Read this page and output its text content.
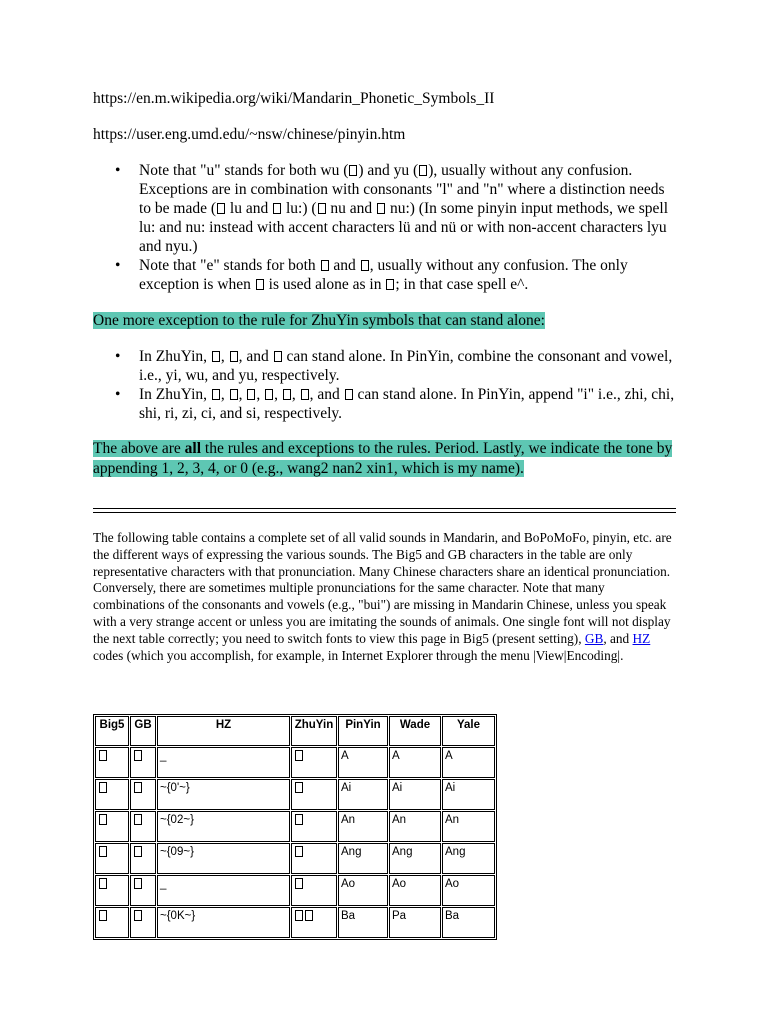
https://en.m.wikipedia.org/wiki/Mandarin_Phonetic_Symbols_II
https://user.eng.umd.edu/~nsw/chinese/pinyin.htm
• Note that "u" stands for both wu ( ) and yu ( ), usually without any confusion. Exceptions are in combination with consonants "l" and "n" where a distinction needs to be made ( lu and  lu:) ( nu and  nu:) (In some pinyin input methods, we spell lu: and nu: instead with accent characters lü and nü or with non-accent characters lyu and nyu.)
• Note that "e" stands for both  and , usually without any confusion. The only exception is when  is used alone as in ; in that case spell e^.
One more exception to the rule for ZhuYin symbols that can stand alone:
• In ZhuYin, , , and  can stand alone. In PinYin, combine the consonant and vowel, i.e., yi, wu, and yu, respectively.
• In ZhuYin, , , , , , , and  can stand alone. In PinYin, append "i" i.e., zhi, chi, shi, ri, zi, ci, and si, respectively.
The above are all the rules and exceptions to the rules. Period. Lastly, we indicate the tone by appending 1, 2, 3, 4, or 0 (e.g., wang2 nan2 xin1, which is my name).
The following table contains a complete set of all valid sounds in Mandarin, and BoPoMoFo, pinyin, etc. are the different ways of expressing the various sounds. The Big5 and GB characters in the table are only representative characters with that pronunciation. Many Chinese characters share an identical pronunciation. Conversely, there are sometimes multiple pronunciations for the same character. Note that many combinations of the consonants and vowels (e.g., "bui") are missing in Mandarin Chinese, unless you speak with a very strange accent or unless you are imitating the sounds of animals. One single font will not display the next table correctly; you need to switch fonts to view this page in Big5 (present setting), GB, and HZ codes (which you accomplish, for example, in Internet Explorer through the menu |View|Encoding|.
Big5	GB	HZ	ZhuYin	PinYin	Wade	Yale
		_		A	A	A
		~{0'~}		Ai	Ai	Ai
		~{02~}		An	An	An
		~{09~}		Ang	Ang	Ang
		_		Ao	Ao	Ao
		~{0K~}		Ba	Pa	Ba
